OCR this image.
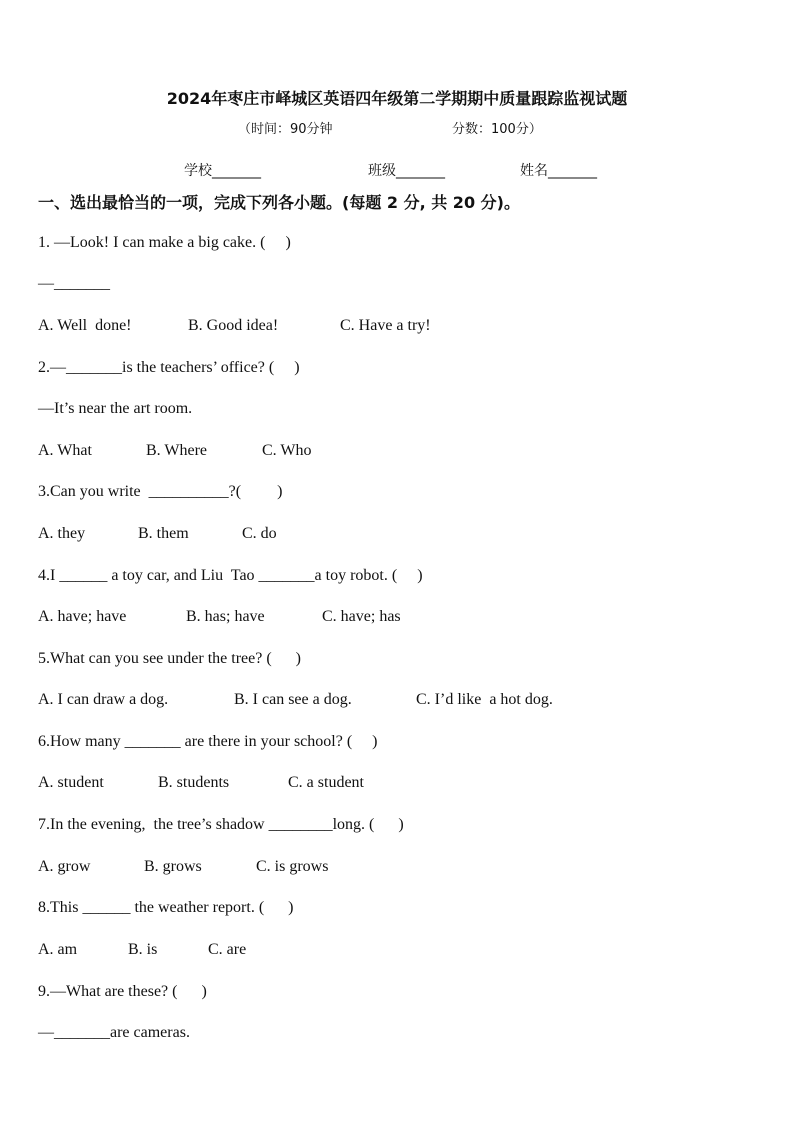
2024年枣庄市峄城区英语四年级第二学期期中质量跟踪监视试题
（时间：90分钟	分数：100分）
学校_______	班级_______	姓名_______
一、选出最恰当的一项，完成下列各小题。(每题 2 分, 共 20 分)。
1. —Look! I can make a big cake. (     )
—_______
A. Well  done!	B. Good idea!	C. Have a try!
2.—_______is the teachers’ office? (     )
—It’s near the art room.
A. What	B. Where	C. Who
3.Can you write  __________?(         )
A. they	B. them	C. do
4.I ______ a toy car, and Liu  Tao _______a toy robot. (     )
A. have; have	B. has; have	C. have; has
5.What can you see under the tree? (      )
A. I can draw a dog.	B. I can see a dog.	C. I’d like  a hot dog.
6.How many _______ are there in your school? (     )
A. student	B. students	C. a student
7.In the evening,  the tree’s shadow ________long. (      )
A. grow	B. grows	C. is grows
8.This ______ the weather report. (      )
A. am	B. is	C. are
9.—What are these? (      )
—_______are cameras.
